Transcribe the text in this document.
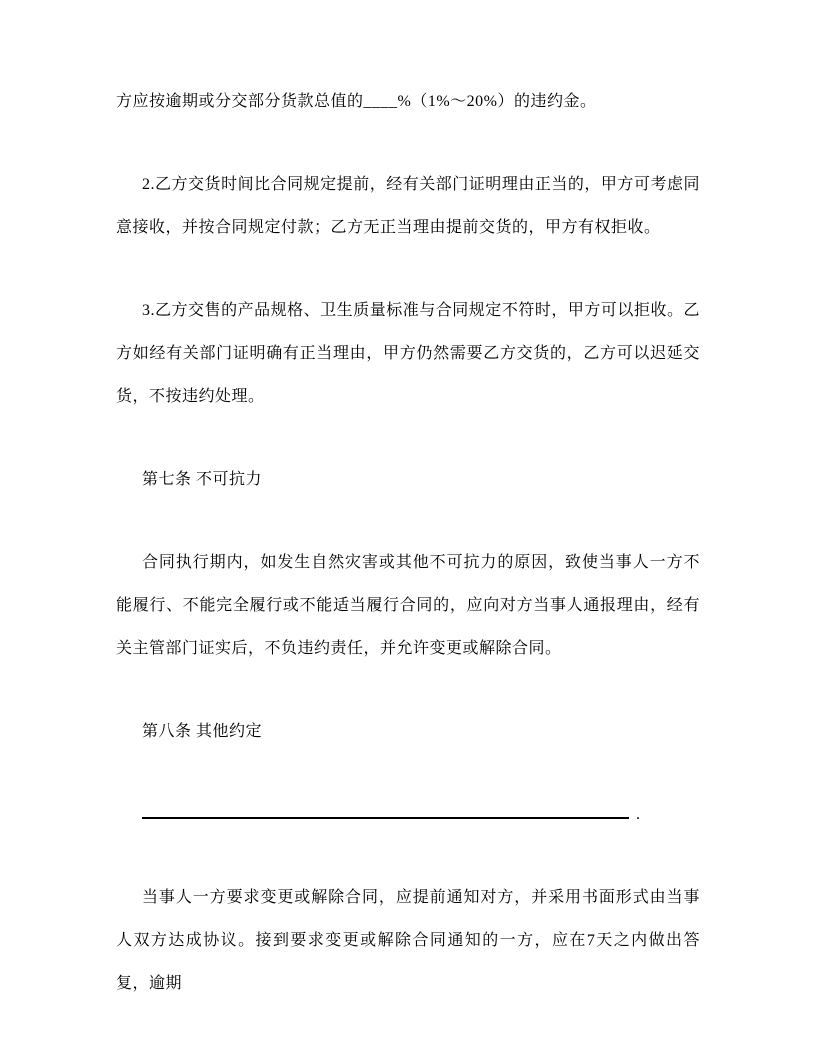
方应按逾期或分交部分货款总值的____%（1%～20%）的违约金。

2.乙方交货时间比合同规定提前，经有关部门证明理由正当的，甲方可考虑同意接收，并按合同规定付款；乙方无正当理由提前交货的，甲方有权拒收。

3.乙方交售的产品规格、卫生质量标准与合同规定不符时，甲方可以拒收。乙方如经有关部门证明确有正当理由，甲方仍然需要乙方交货的，乙方可以迟延交货，不按违约处理。

第七条 不可抗力

合同执行期内，如发生自然灾害或其他不可抗力的原因，致使当事人一方不能履行、不能完全履行或不能适当履行合同的，应向对方当事人通报理由，经有关主管部门证实后，不负违约责任，并允许变更或解除合同。

第八条 其他约定

.

当事人一方要求变更或解除合同，应提前通知对方，并采用书面形式由当事人双方达成协议。接到要求变更或解除合同通知的一方，应在7天之内做出答复，逾期
